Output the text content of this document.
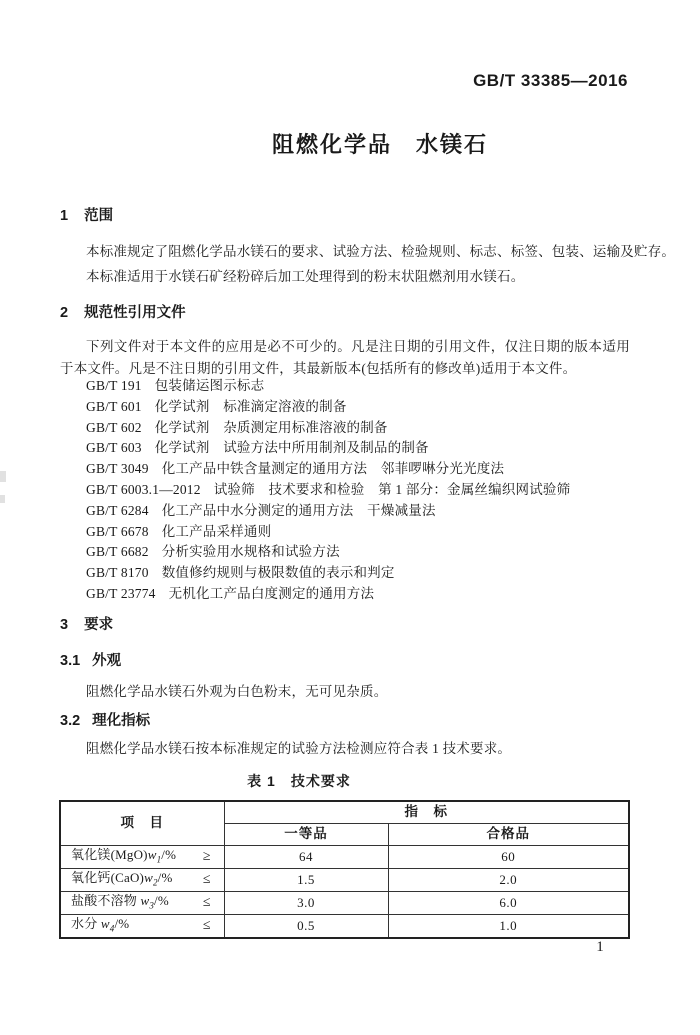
GB/T 33385—2016
阻燃化学品　水镁石
1 范围
本标准规定了阻燃化学品水镁石的要求、试验方法、检验规则、标志、标签、包装、运输及贮存。
本标准适用于水镁石矿经粉碎后加工处理得到的粉末状阻燃剂用水镁石。
2 规范性引用文件
下列文件对于本文件的应用是必不可少的。凡是注日期的引用文件，仅注日期的版本适用于本文件。凡是不注日期的引用文件，其最新版本(包括所有的修改单)适用于本文件。
GB/T 191 包装储运图示标志
GB/T 601 化学试剂　标准滴定溶液的制备
GB/T 602 化学试剂　杂质测定用标准溶液的制备
GB/T 603 化学试剂　试验方法中所用制剂及制品的制备
GB/T 3049 化工产品中铁含量测定的通用方法　邻菲啰啉分光光度法
GB/T 6003.1—2012 试验筛　技术要求和检验　第 1 部分：金属丝编织网试验筛
GB/T 6284 化工产品中水分测定的通用方法　干燥减量法
GB/T 6678 化工产品采样通则
GB/T 6682 分析实验用水规格和试验方法
GB/T 8170 数值修约规则与极限数值的表示和判定
GB/T 23774 无机化工产品白度测定的通用方法
3 要求
3.1 外观
阻燃化学品水镁石外观为白色粉末，无可见杂质。
3.2 理化指标
阻燃化学品水镁石按本标准规定的试验方法检测应符合表 1 技术要求。
表 1　技术要求
项　目	指　标	
	一等品	合格品

氧化镁$(MgO)w_1/\%$ ≥	64	60

氧化钙$(CaO)w_2/\%$ ≤	1.5	2.0

盐酸不溶物 $w_3/\%$ ≤	3.0	6.0

水分 $w_4/\%$ ≤	0.5	1.0
1
